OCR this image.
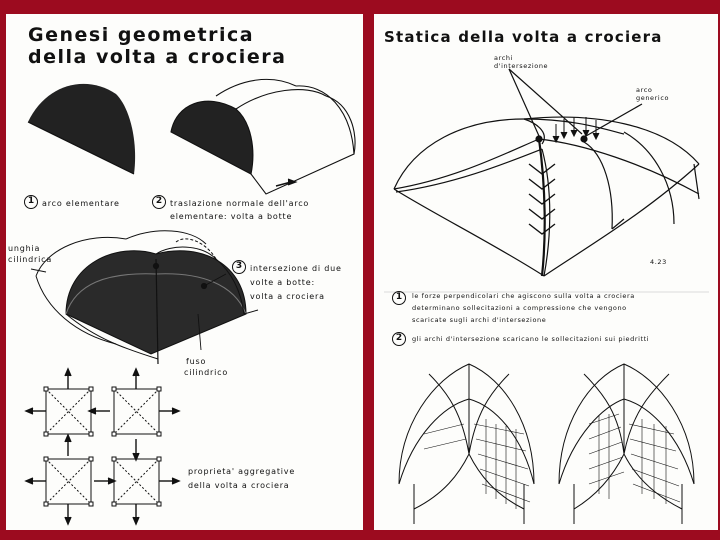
Genesi geometrica
della volta a crociera
1 arco elementare	2 traslazione normale dell'arco
elementare: volta a botte
unghia
cilindrica
3 intersezione di due
volte a botte:
volta a crociera
fuso
cilindrico
proprieta' aggregative
della volta a crociera
Statica della volta a crociera
archi
d'intersezione
arco
generico
4.23
1	le forze perpendicolari che agiscono sulla volta a crociera
determinano sollecitazioni a compressione che vengono
scaricate sugli archi d'intersezione
2	gli archi d'intersezione scaricano le sollecitazioni sui piedritti
